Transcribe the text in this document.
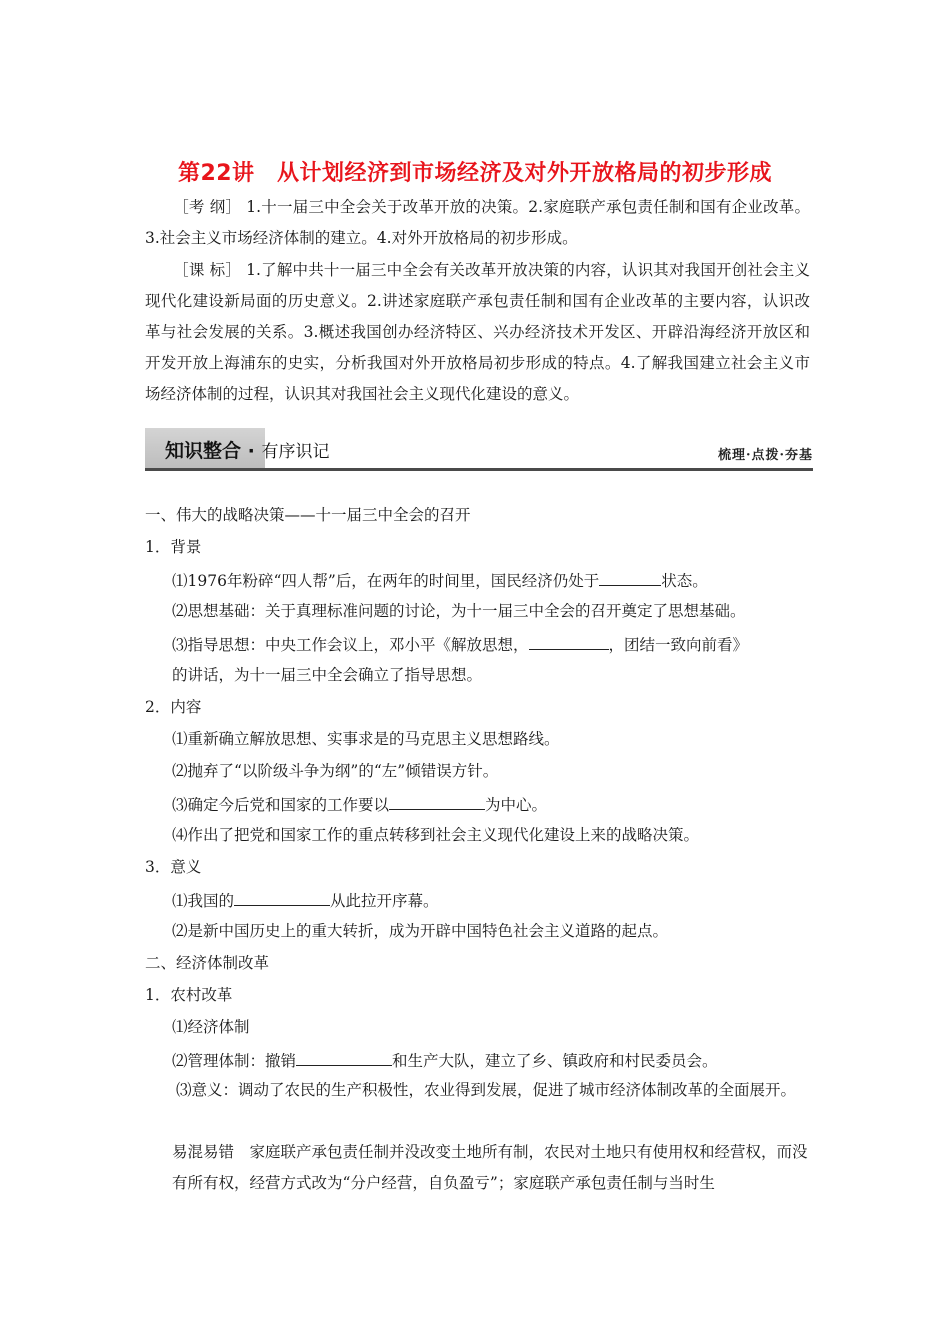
第22讲　从计划经济到市场经济及对外开放格局的初步形成
［考 纲］ 1.十一届三中全会关于改革开放的决策。2.家庭联产承包责任制和国有企业改革。3.社会主义市场经济体制的建立。4.对外开放格局的初步形成。
［课 标］ 1.了解中共十一届三中全会有关改革开放决策的内容，认识其对我国开创社会主义现代化建设新局面的历史意义。2.讲述家庭联产承包责任制和国有企业改革的主要内容，认识改革与社会发展的关系。3.概述我国创办经济特区、兴办经济技术开发区、开辟沿海经济开放区和开发开放上海浦东的史实，分析我国对外开放格局初步形成的特点。4.了解我国建立社会主义市场经济体制的过程，认识其对我国社会主义现代化建设的意义。
知识整合 · 有序识记	梳理·点拨·夯基
一、伟大的战略决策——十一届三中全会的召开
1．背景
⑴1976年粉碎“四人帮”后，在两年的时间里，国民经济仍处于	状态。
⑵思想基础：关于真理标准问题的讨论，为十一届三中全会的召开奠定了思想基础。
⑶指导思想：中央工作会议上，邓小平《解放思想，	，团结一致向前看》
的讲话，为十一届三中全会确立了指导思想。
2．内容
⑴重新确立解放思想、实事求是的马克思主义思想路线。
⑵抛弃了“以阶级斗争为纲”的“左”倾错误方针。
⑶确定今后党和国家的工作要以	为中心。
⑷作出了把党和国家工作的重点转移到社会主义现代化建设上来的战略决策。
3．意义
⑴我国的	从此拉开序幕。
⑵是新中国历史上的重大转折，成为开辟中国特色社会主义道路的起点。
二、经济体制改革
1．农村改革
⑴经济体制
⑵管理体制：撤销	和生产大队，建立了乡、镇政府和村民委员会。
⑶意义：调动了农民的生产积极性，农业得到发展，促进了城市经济体制改革的全面展开。
易混易错　 家庭联产承包责任制并没改变土地所有制，农民对土地只有使用权和经营权，而没有所有权，经营方式改为“分户经营，自负盈亏”；家庭联产承包责任制与当时生
